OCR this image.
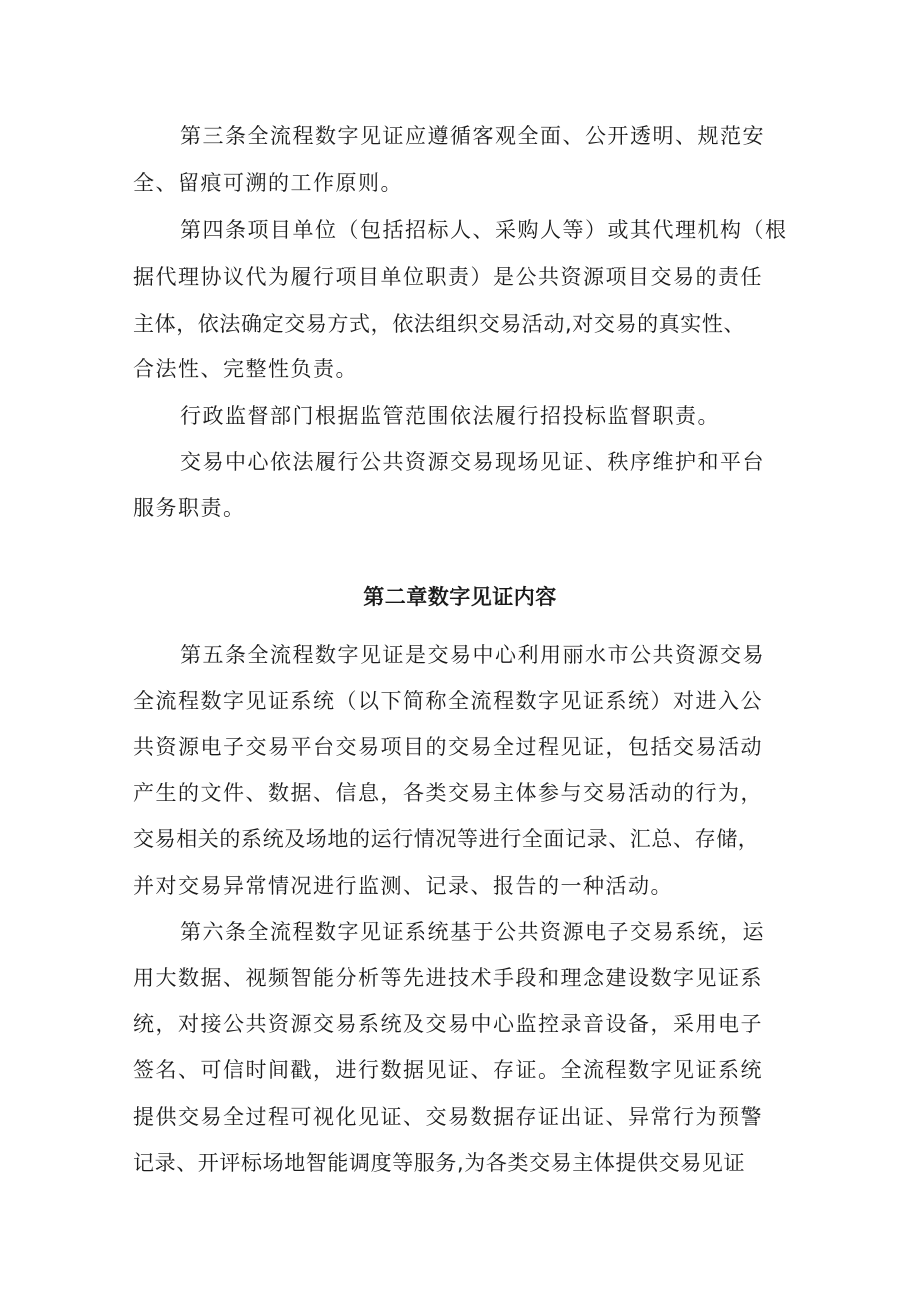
第三条全流程数字见证应遵循客观全面、公开透明、规范安
全、留痕可溯的工作原则。
第四条项目单位（包括招标人、采购人等）或其代理机构（根
据代理协议代为履行项目单位职责）是公共资源项目交易的责任
主体，依法确定交易方式，依法组织交易活动,对交易的真实性、
合法性、完整性负责。
行政监督部门根据监管范围依法履行招投标监督职责。
交易中心依法履行公共资源交易现场见证、秩序维护和平台
服务职责。
第二章数字见证内容
第五条全流程数字见证是交易中心利用丽水市公共资源交易
全流程数字见证系统（以下简称全流程数字见证系统）对进入公
共资源电子交易平台交易项目的交易全过程见证，包括交易活动
产生的文件、数据、信息，各类交易主体参与交易活动的行为，
交易相关的系统及场地的运行情况等进行全面记录、汇总、存储，
并对交易异常情况进行监测、记录、报告的一种活动。
第六条全流程数字见证系统基于公共资源电子交易系统，运
用大数据、视频智能分析等先进技术手段和理念建设数字见证系
统，对接公共资源交易系统及交易中心监控录音设备，采用电子
签名、可信时间戳，进行数据见证、存证。全流程数字见证系统
提供交易全过程可视化见证、交易数据存证出证、异常行为预警
记录、开评标场地智能调度等服务,为各类交易主体提供交易见证
